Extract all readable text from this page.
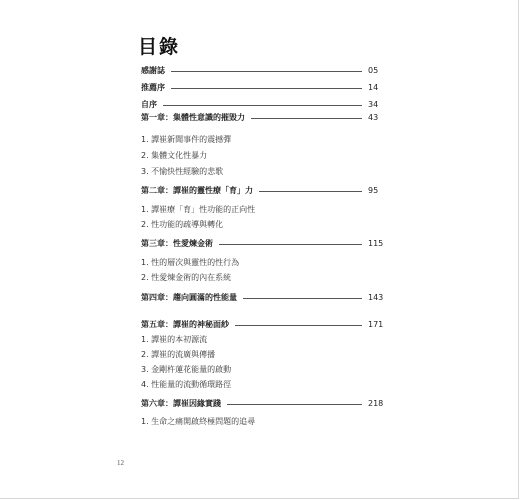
目錄
感謝誌	05
推薦序	14
自序	34
第一章：集體性意識的摧毀力	43
1. 譚崔新聞事件的震撼彈
2. 集體文化性暴力
3. 不愉快性經驗的悲歌
第二章：譚崔的靈性療「育」力	95
1. 譚崔療「育」性功能的正向性
2. 性功能的疏導與轉化
第三章：性愛煉金術	115
1. 性的層次與靈性的性行為
2. 性愛煉金術的內在系統
第四章：趨向圓滿的性能量	143
第五章：譚崔的神秘面紗	171
1. 譚崔的本初源流
2. 譚崔的流廣與傳播
3. 金剛杵蓮花能量的啟動
4. 性能量的流動循環路徑
第六章：譚崔因緣實踐	218
1. 生命之痛開啟終極問題的追尋
12
